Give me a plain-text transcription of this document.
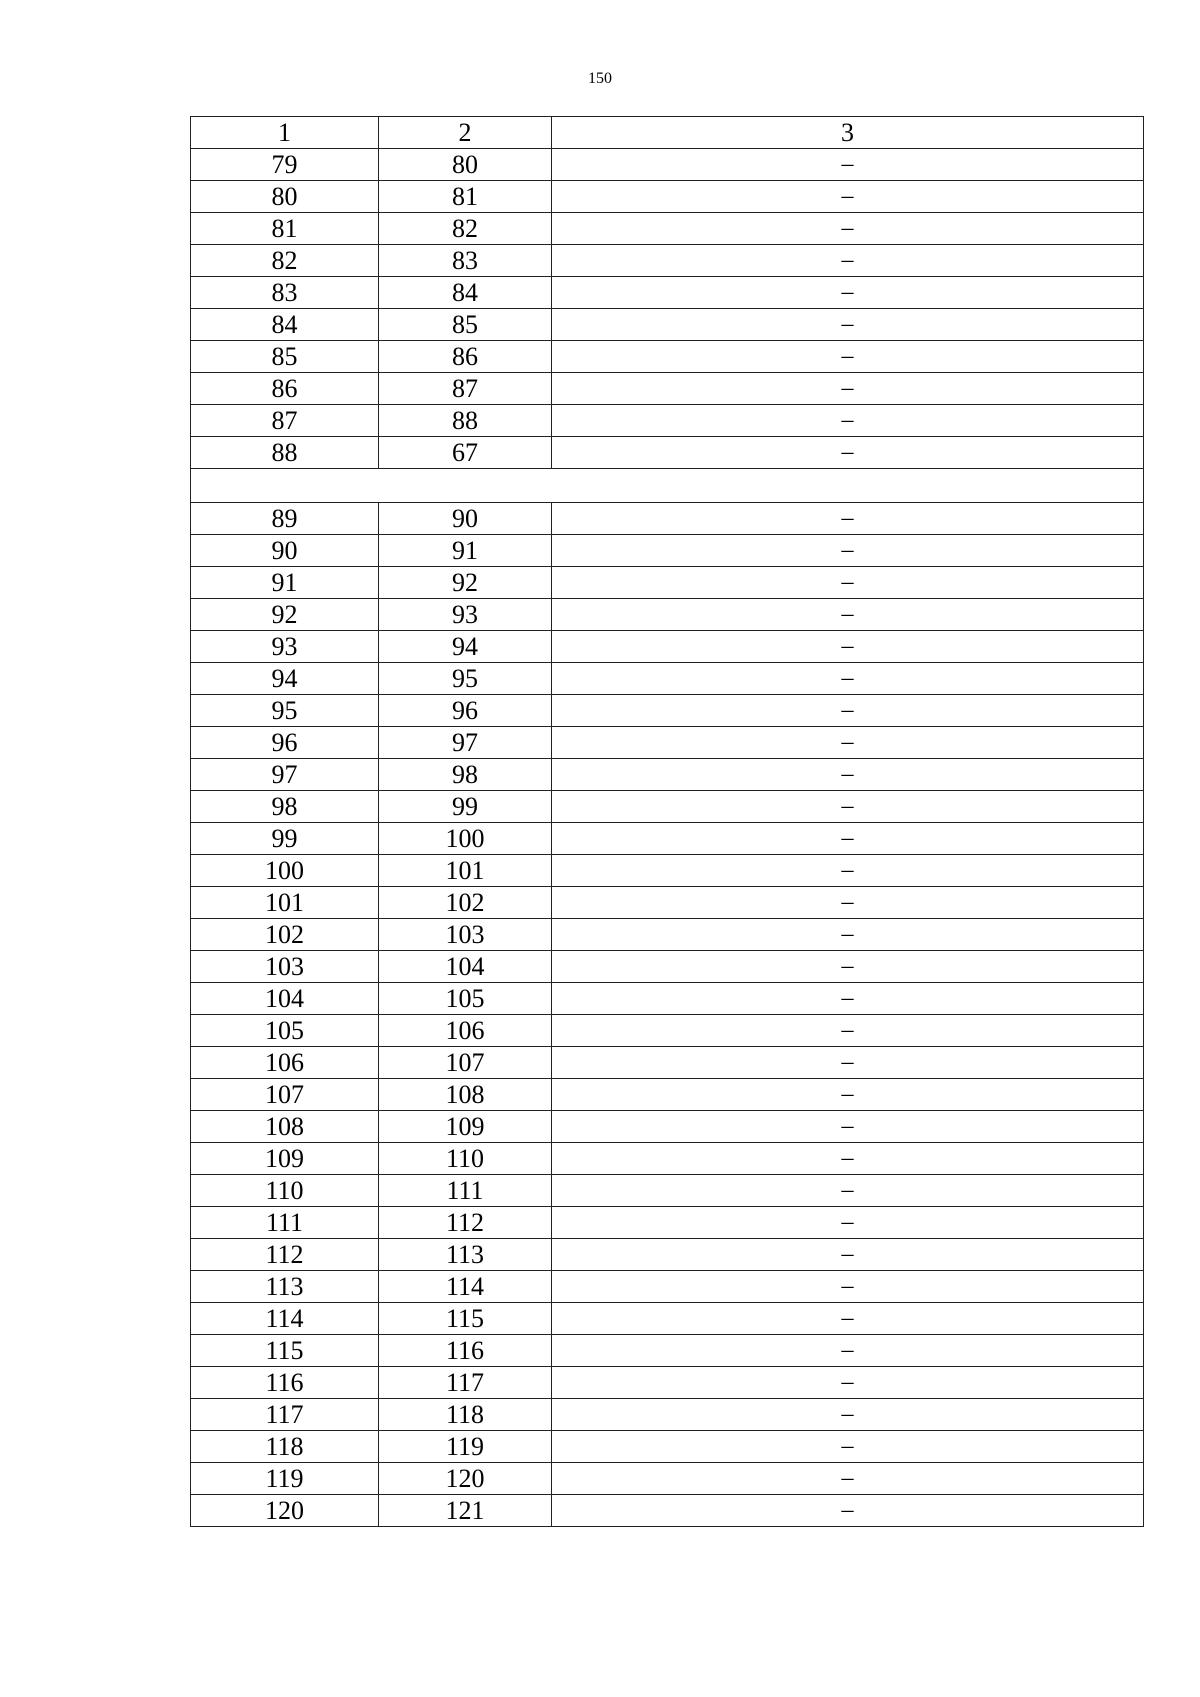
150
1	2	3
79	80	–
80	81	–
81	82	–
82	83	–
83	84	–
84	85	–
85	86	–
86	87	–
87	88	–
88	67	–

89	90	–
90	91	–
91	92	–
92	93	–
93	94	–
94	95	–
95	96	–
96	97	–
97	98	–
98	99	–
99	100	–
100	101	–
101	102	–
102	103	–
103	104	–
104	105	–
105	106	–
106	107	–
107	108	–
108	109	–
109	110	–
110	111	–
111	112	–
112	113	–
113	114	–
114	115	–
115	116	–
116	117	–
117	118	–
118	119	–
119	120	–
120	121	–
